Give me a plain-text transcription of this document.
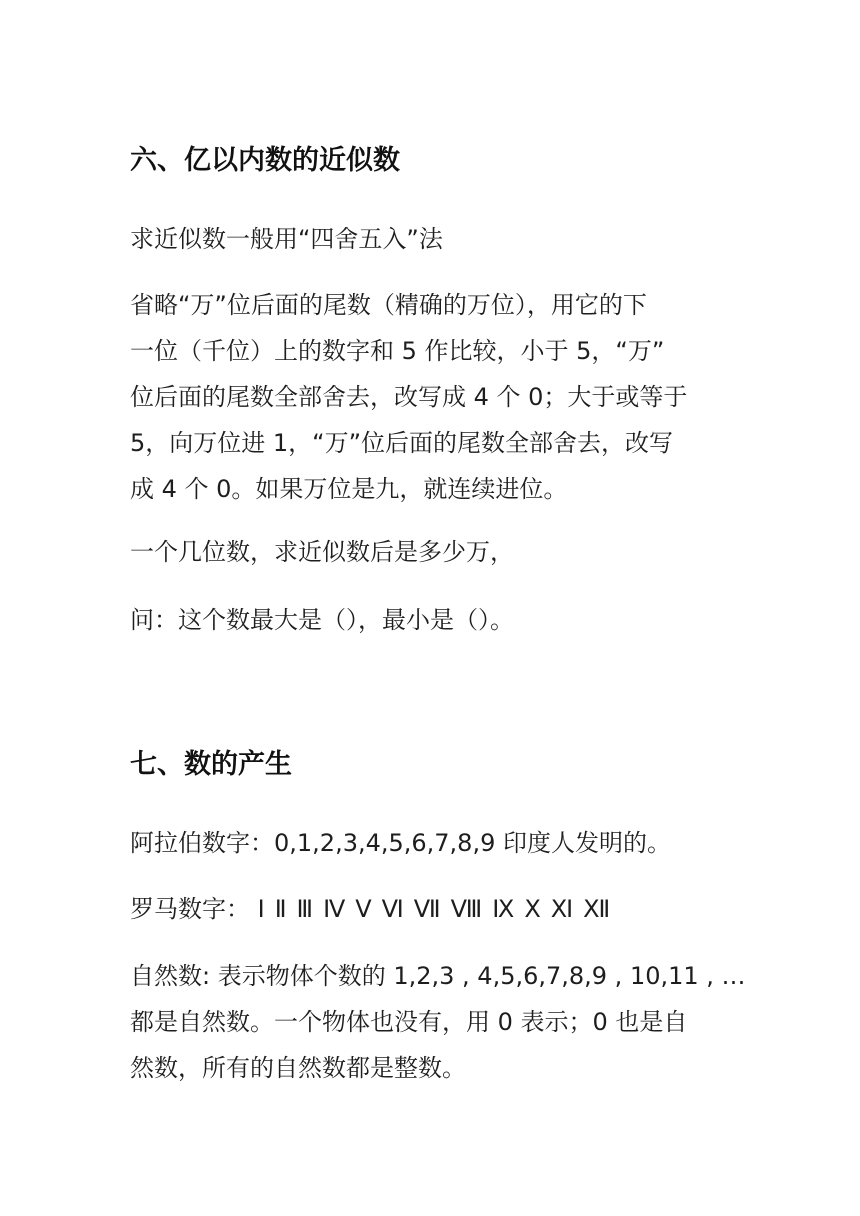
六、亿以内数的近似数

求近似数一般用“四舍五入”法

省略“万”位后面的尾数（精确的万位），用它的下
一位（千位）上的数字和 5 作比较，小于 5，“万”
位后面的尾数全部舍去，改写成 4 个 0；大于或等于
5，向万位进 1，“万”位后面的尾数全部舍去，改写
成 4 个 0。如果万位是九，就连续进位。

一个几位数，求近似数后是多少万，

问：这个数最大是（），最小是（）。

七、数的产生

阿拉伯数字：0,1,2,3,4,5,6,7,8,9 印度人发明的。

罗马数字： Ⅰ Ⅱ Ⅲ Ⅳ Ⅴ Ⅵ Ⅶ Ⅷ Ⅸ Ⅹ Ⅺ Ⅻ
自然数: 表示物体个数的 1,2,3 , 4,5,6,7,8,9 , 10,11 , …
都是自然数。一个物体也没有，用 0 表示；0 也是自
然数，所有的自然数都是整数。
